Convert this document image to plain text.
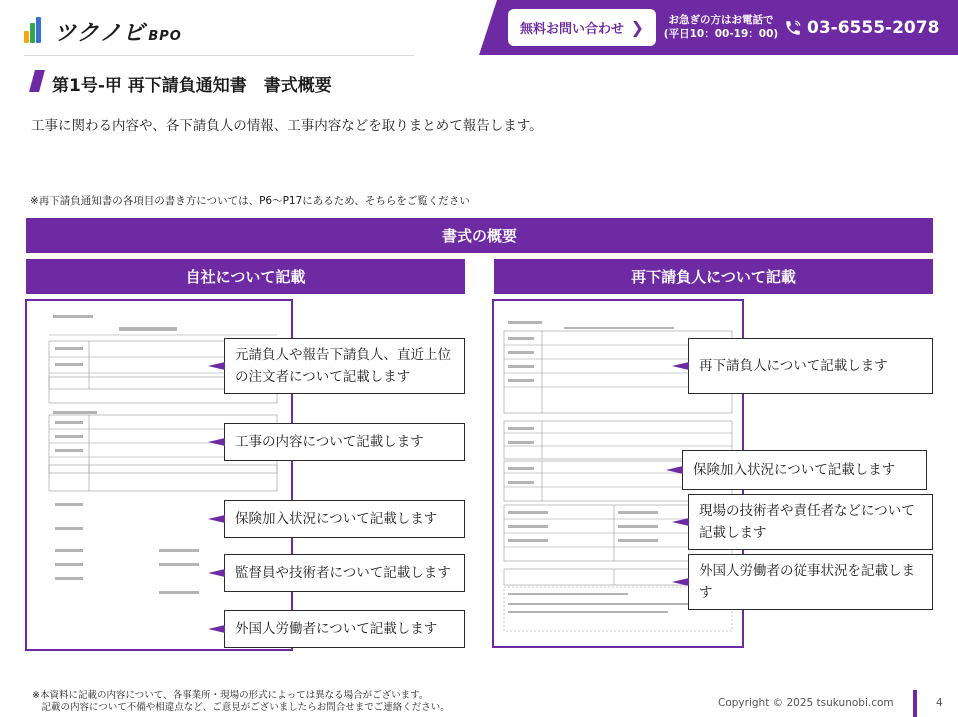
ツクノビ BPO	無料お問い合わせ ❯	お急ぎの方はお電話で
(平日10：00-19：00) 03-6555-2078
第1号-甲 再下請負通知書　書式概要
工事に関わる内容や、各下請負人の情報、工事内容などを取りまとめて報告します。
※再下請負通知書の各項目の書き方については、P6～P17にあるため、そちらをご覧ください
書式の概要
自社について記載	再下請負人について記載
元請負人や報告下請負人、直近上位の注文者について記載します
工事の内容について記載します
保険加入状況について記載します
監督員や技術者について記載します
外国人労働者について記載します
再下請負人について記載します
保険加入状況について記載します
現場の技術者や責任者などについて記載します
外国人労働者の従事状況を記載します
※本資料に記載の内容について、各事業所・現場の形式によっては異なる場合がございます。
　記載の内容について不備や相違点など、ご意見がございましたらお問合せまでご連絡ください。	Copyright © 2025 tsukunobi.com	4
